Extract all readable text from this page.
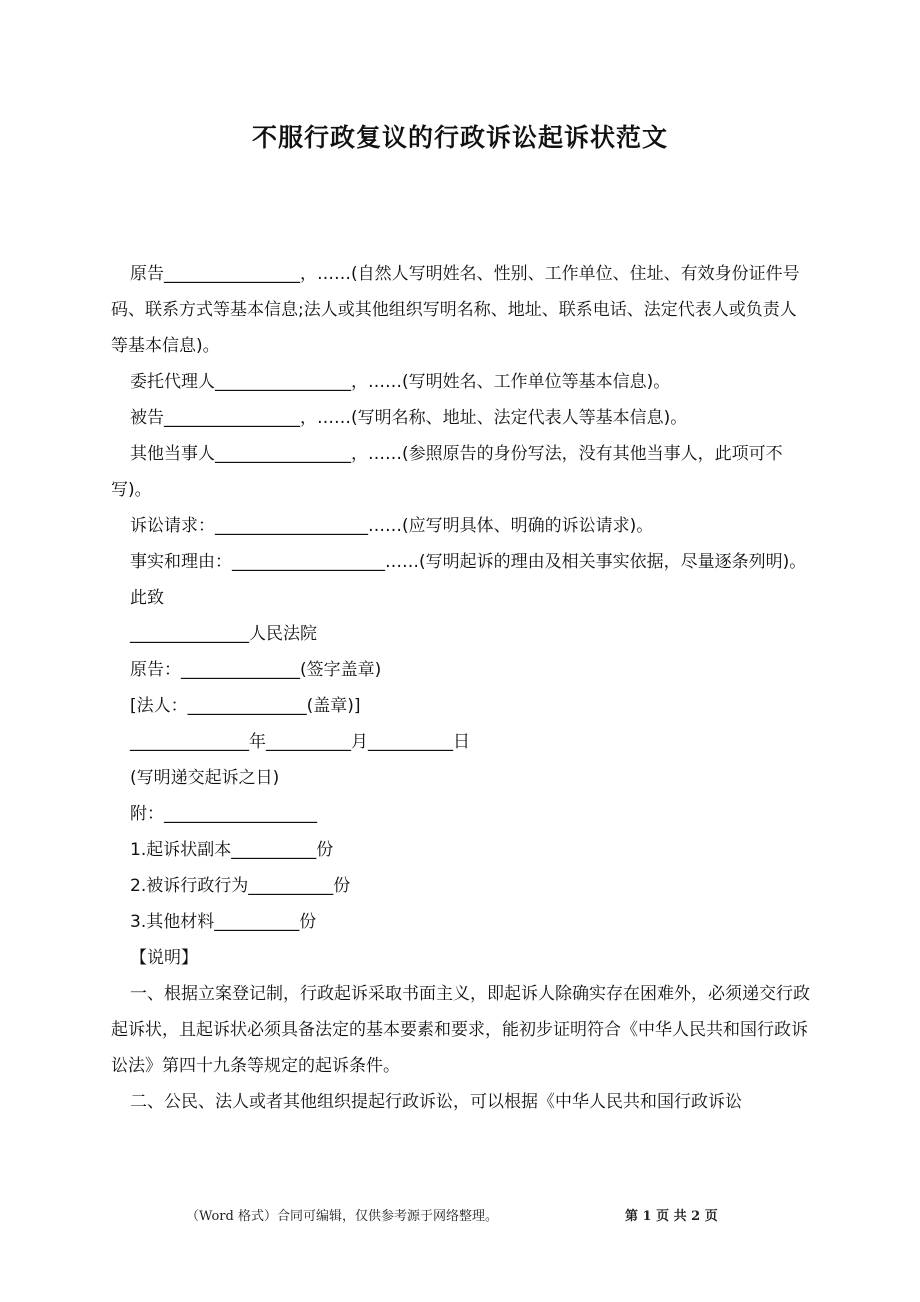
不服行政复议的行政诉讼起诉状范文

原告________________，……(自然人写明姓名、性别、工作单位、住址、有效身份证件号码、联系方式等基本信息;法人或其他组织写明名称、地址、联系电话、法定代表人或负责人等基本信息)。

委托代理人________________，……(写明姓名、工作单位等基本信息)。

被告________________，……(写明名称、地址、法定代表人等基本信息)。

其他当事人________________，……(参照原告的身份写法，没有其他当事人，此项可不写)。

诉讼请求：__________________……(应写明具体、明确的诉讼请求)。

事实和理由：__________________……(写明起诉的理由及相关事实依据，尽量逐条列明)。

此致

______________人民法院

原告：______________(签字盖章)

[法人：______________(盖章)]

______________年__________月__________日

(写明递交起诉之日)

附：__________________

1.起诉状副本__________份

2.被诉行政行为__________份

3.其他材料__________份

【说明】

一、根据立案登记制，行政起诉采取书面主义，即起诉人除确实存在困难外，必须递交行政起诉状，且起诉状必须具备法定的基本要素和要求，能初步证明符合《中华人民共和国行政诉讼法》第四十九条等规定的起诉条件。

二、公民、法人或者其他组织提起行政诉讼，可以根据《中华人民共和国行政诉讼

（Word 格式）合同可编辑，仅供参考源于网络整理。	第 1 页 共 2 页
